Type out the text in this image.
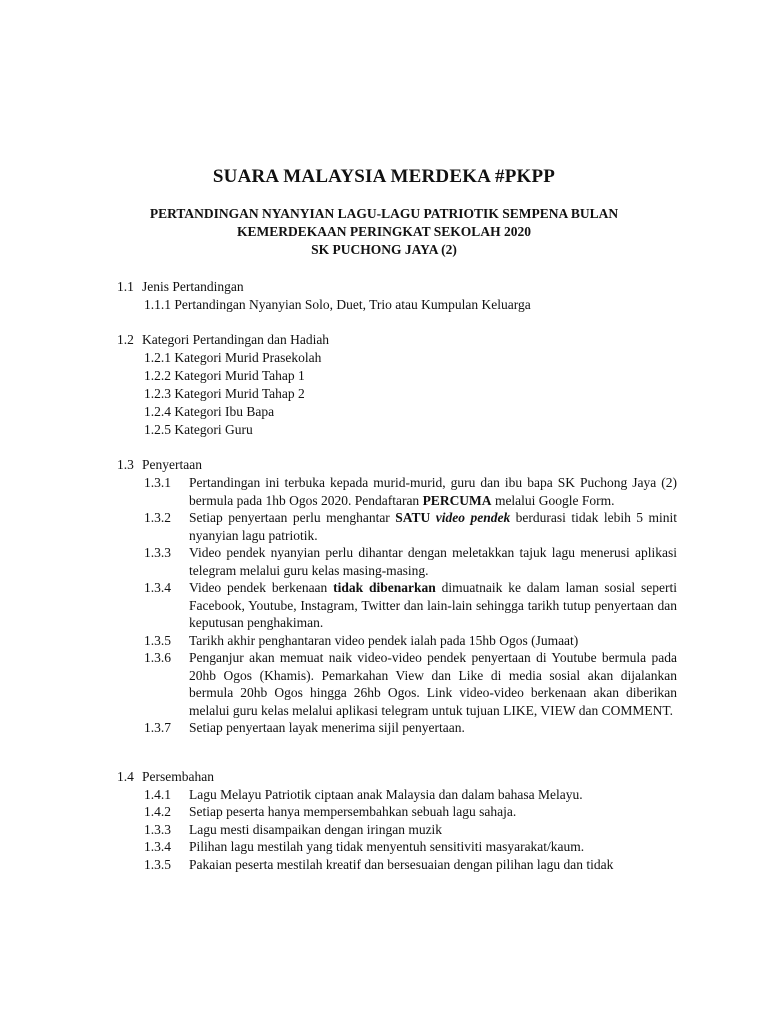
SUARA MALAYSIA MERDEKA #PKPP
PERTANDINGAN NYANYIAN LAGU-LAGU PATRIOTIK SEMPENA BULAN
KEMERDEKAAN PERINGKAT SEKOLAH 2020
SK PUCHONG JAYA (2)
1.1 Jenis Pertandingan
1.1.1 Pertandingan Nyanyian Solo, Duet, Trio atau Kumpulan Keluarga
1.2 Kategori Pertandingan dan Hadiah
1.2.1 Kategori Murid Prasekolah
1.2.2 Kategori Murid Tahap 1
1.2.3 Kategori Murid Tahap 2
1.2.4 Kategori Ibu Bapa
1.2.5 Kategori Guru
1.3 Penyertaan
1.3.1 Pertandingan ini terbuka kepada murid-murid, guru dan ibu bapa SK Puchong Jaya (2) bermula pada 1hb Ogos 2020. Pendaftaran PERCUMA melalui Google Form.
1.3.2 Setiap penyertaan perlu menghantar SATU video pendek berdurasi tidak lebih 5 minit nyanyian lagu patriotik.
1.3.3 Video pendek nyanyian perlu dihantar dengan meletakkan tajuk lagu menerusi aplikasi telegram melalui guru kelas masing-masing.
1.3.4 Video pendek berkenaan tidak dibenarkan dimuatnaik ke dalam laman sosial seperti Facebook, Youtube, Instagram, Twitter dan lain-lain sehingga tarikh tutup penyertaan dan keputusan penghakiman.
1.3.5 Tarikh akhir penghantaran video pendek ialah pada 15hb Ogos (Jumaat)
1.3.6 Penganjur akan memuat naik video-video pendek penyertaan di Youtube bermula pada 20hb Ogos (Khamis). Pemarkahan View dan Like di media sosial akan dijalankan bermula 20hb Ogos hingga 26hb Ogos. Link video-video berkenaan akan diberikan melalui guru kelas melalui aplikasi telegram untuk tujuan LIKE, VIEW dan COMMENT.
1.3.7 Setiap penyertaan layak menerima sijil penyertaan.
1.4 Persembahan
1.4.1 Lagu Melayu Patriotik ciptaan anak Malaysia dan dalam bahasa Melayu.
1.4.2 Setiap peserta hanya mempersembahkan sebuah lagu sahaja.
1.3.3 Lagu mesti disampaikan dengan iringan muzik
1.3.4 Pilihan lagu mestilah yang tidak menyentuh sensitiviti masyarakat/kaum.
1.3.5 Pakaian peserta mestilah kreatif dan bersesuaian dengan pilihan lagu dan tidak
